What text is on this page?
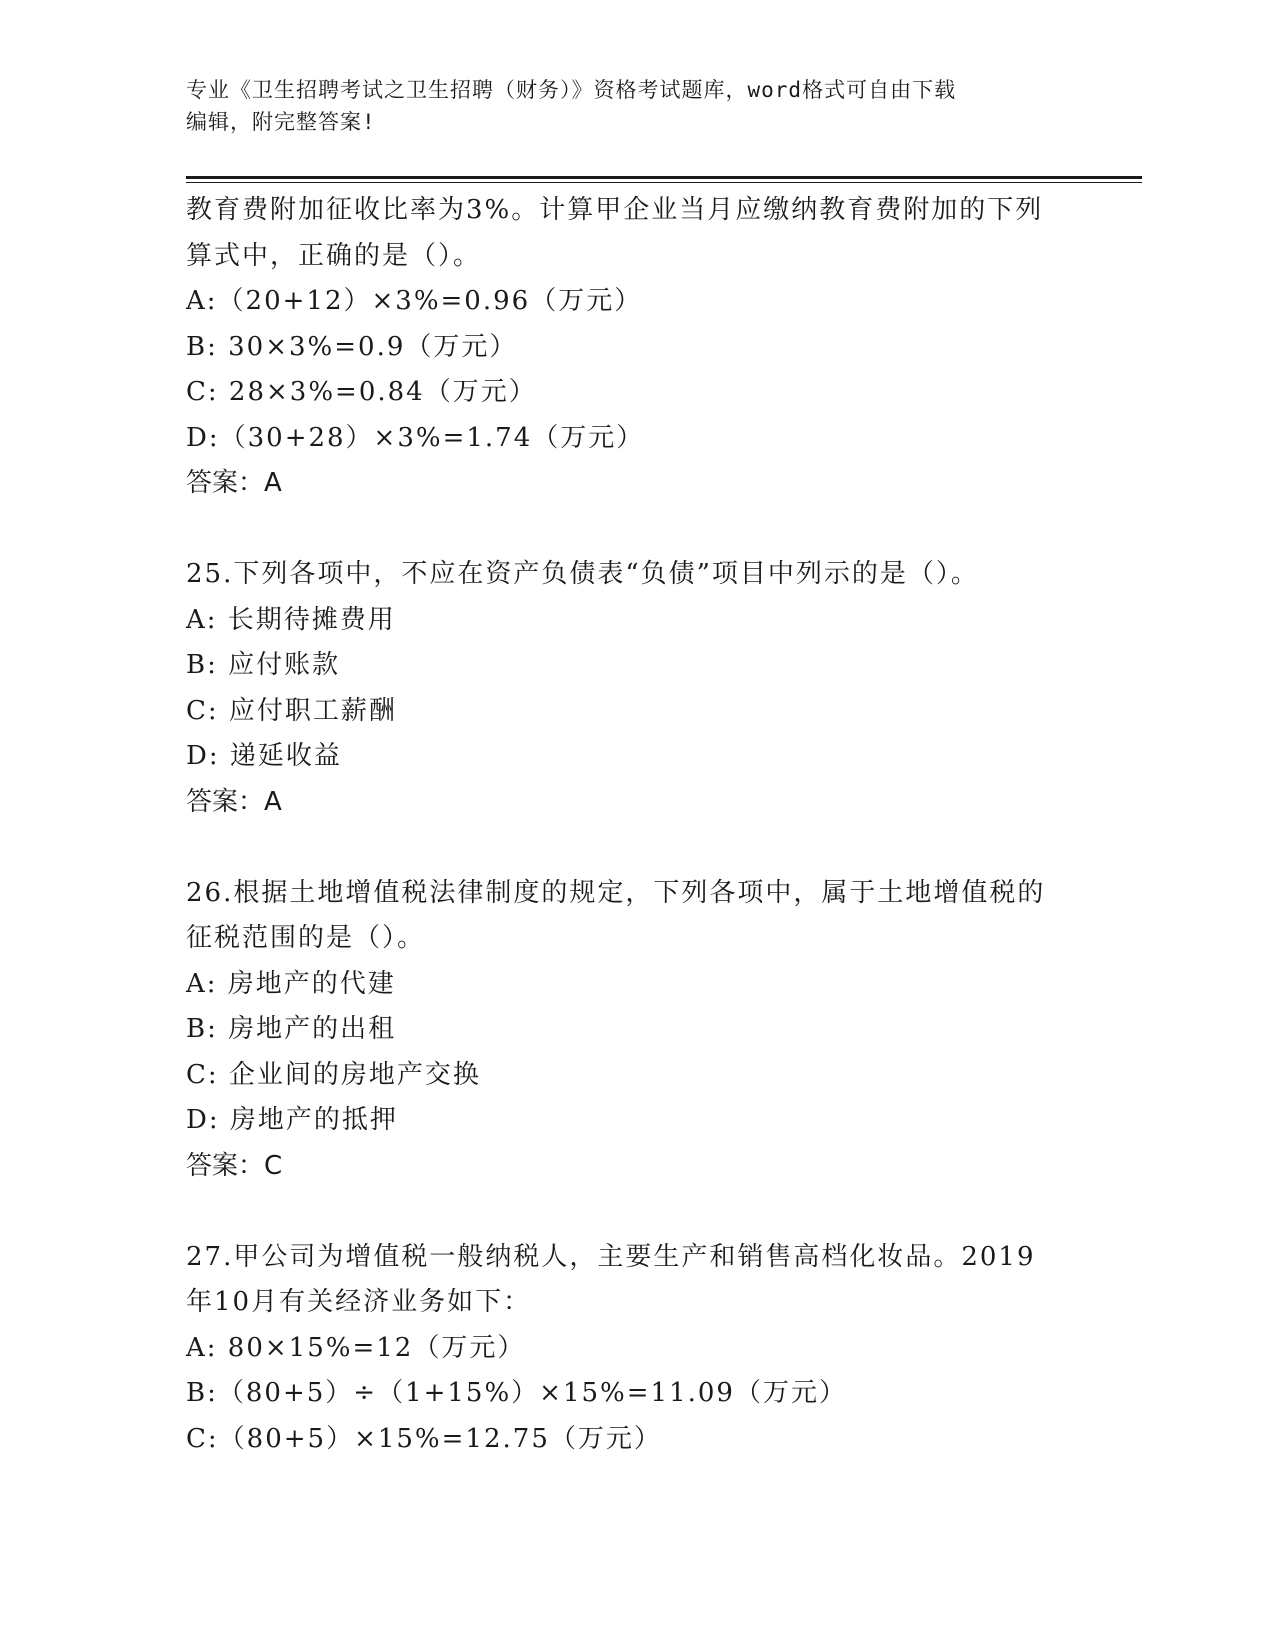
专业《卫生招聘考试之卫生招聘（财务）》资格考试题库，word格式可自由下载
编辑，附完整答案!
教育费附加征收比率为3%。计算甲企业当月应缴纳教育费附加的下列
算式中，正确的是（）。
A:（20+12）×3%=0.96（万元）
B: 30×3%=0.9（万元）
C: 28×3%=0.84（万元）
D:（30+28）×3%=1.74（万元）
答案：A
25.下列各项中，不应在资产负债表“负债”项目中列示的是（）。
A: 长期待摊费用
B: 应付账款
C: 应付职工薪酬
D: 递延收益
答案：A
26.根据土地增值税法律制度的规定，下列各项中，属于土地增值税的
征税范围的是（）。
A: 房地产的代建
B: 房地产的出租
C: 企业间的房地产交换
D: 房地产的抵押
答案：C
27.甲公司为增值税一般纳税人，主要生产和销售高档化妆品。2019
年10月有关经济业务如下：
A: 80×15%=12（万元）
B:（80+5）÷（1+15%）×15%=11.09（万元）
C:（80+5）×15%=12.75（万元）
